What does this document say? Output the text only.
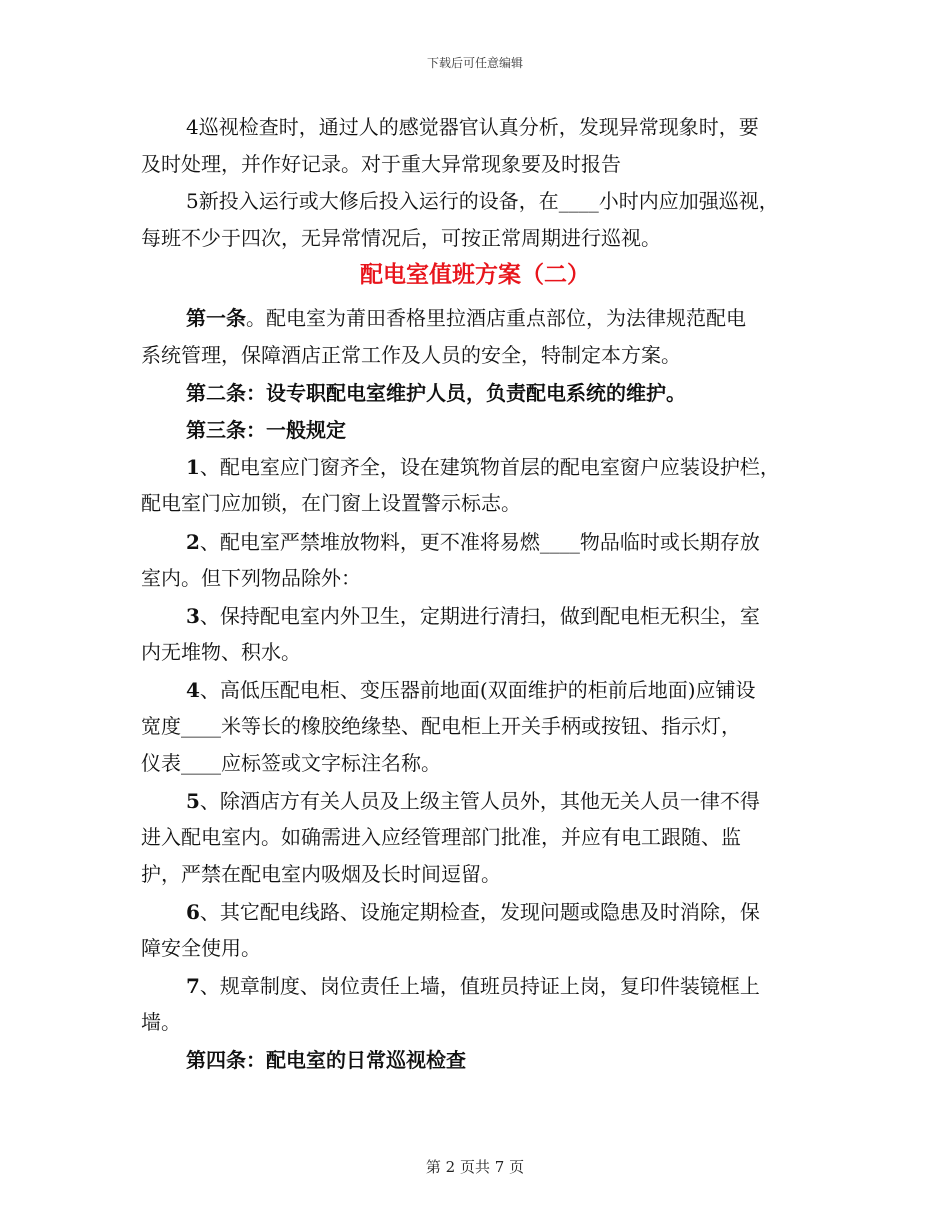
下载后可任意编辑
4巡视检查时，通过人的感觉器官认真分析，发现异常现象时，要
及时处理，并作好记录。对于重大异常现象要及时报告
5新投入运行或大修后投入运行的设备，在____小时内应加强巡视，
每班不少于四次，无异常情况后，可按正常周期进行巡视。
配电室值班方案（二）
第一条。配电室为莆田香格里拉酒店重点部位，为法律规范配电
系统管理，保障酒店正常工作及人员的安全，特制定本方案。
第二条：设专职配电室维护人员，负责配电系统的维护。
第三条：一般规定
1、配电室应门窗齐全，设在建筑物首层的配电室窗户应装设护栏，
配电室门应加锁，在门窗上设置警示标志。
2、配电室严禁堆放物料，更不准将易燃____物品临时或长期存放
室内。但下列物品除外：
3、保持配电室内外卫生，定期进行清扫，做到配电柜无积尘，室
内无堆物、积水。
4、高低压配电柜、变压器前地面(双面维护的柜前后地面)应铺设
宽度____米等长的橡胶绝缘垫、配电柜上开关手柄或按钮、指示灯，
仪表____应标签或文字标注名称。
5、除酒店方有关人员及上级主管人员外，其他无关人员一律不得
进入配电室内。如确需进入应经管理部门批准，并应有电工跟随、监
护，严禁在配电室内吸烟及长时间逗留。
6、其它配电线路、设施定期检查，发现问题或隐患及时消除，保
障安全使用。
7、规章制度、岗位责任上墙，值班员持证上岗，复印件装镜框上
墙。
第四条：配电室的日常巡视检查
第 2 页共 7 页
